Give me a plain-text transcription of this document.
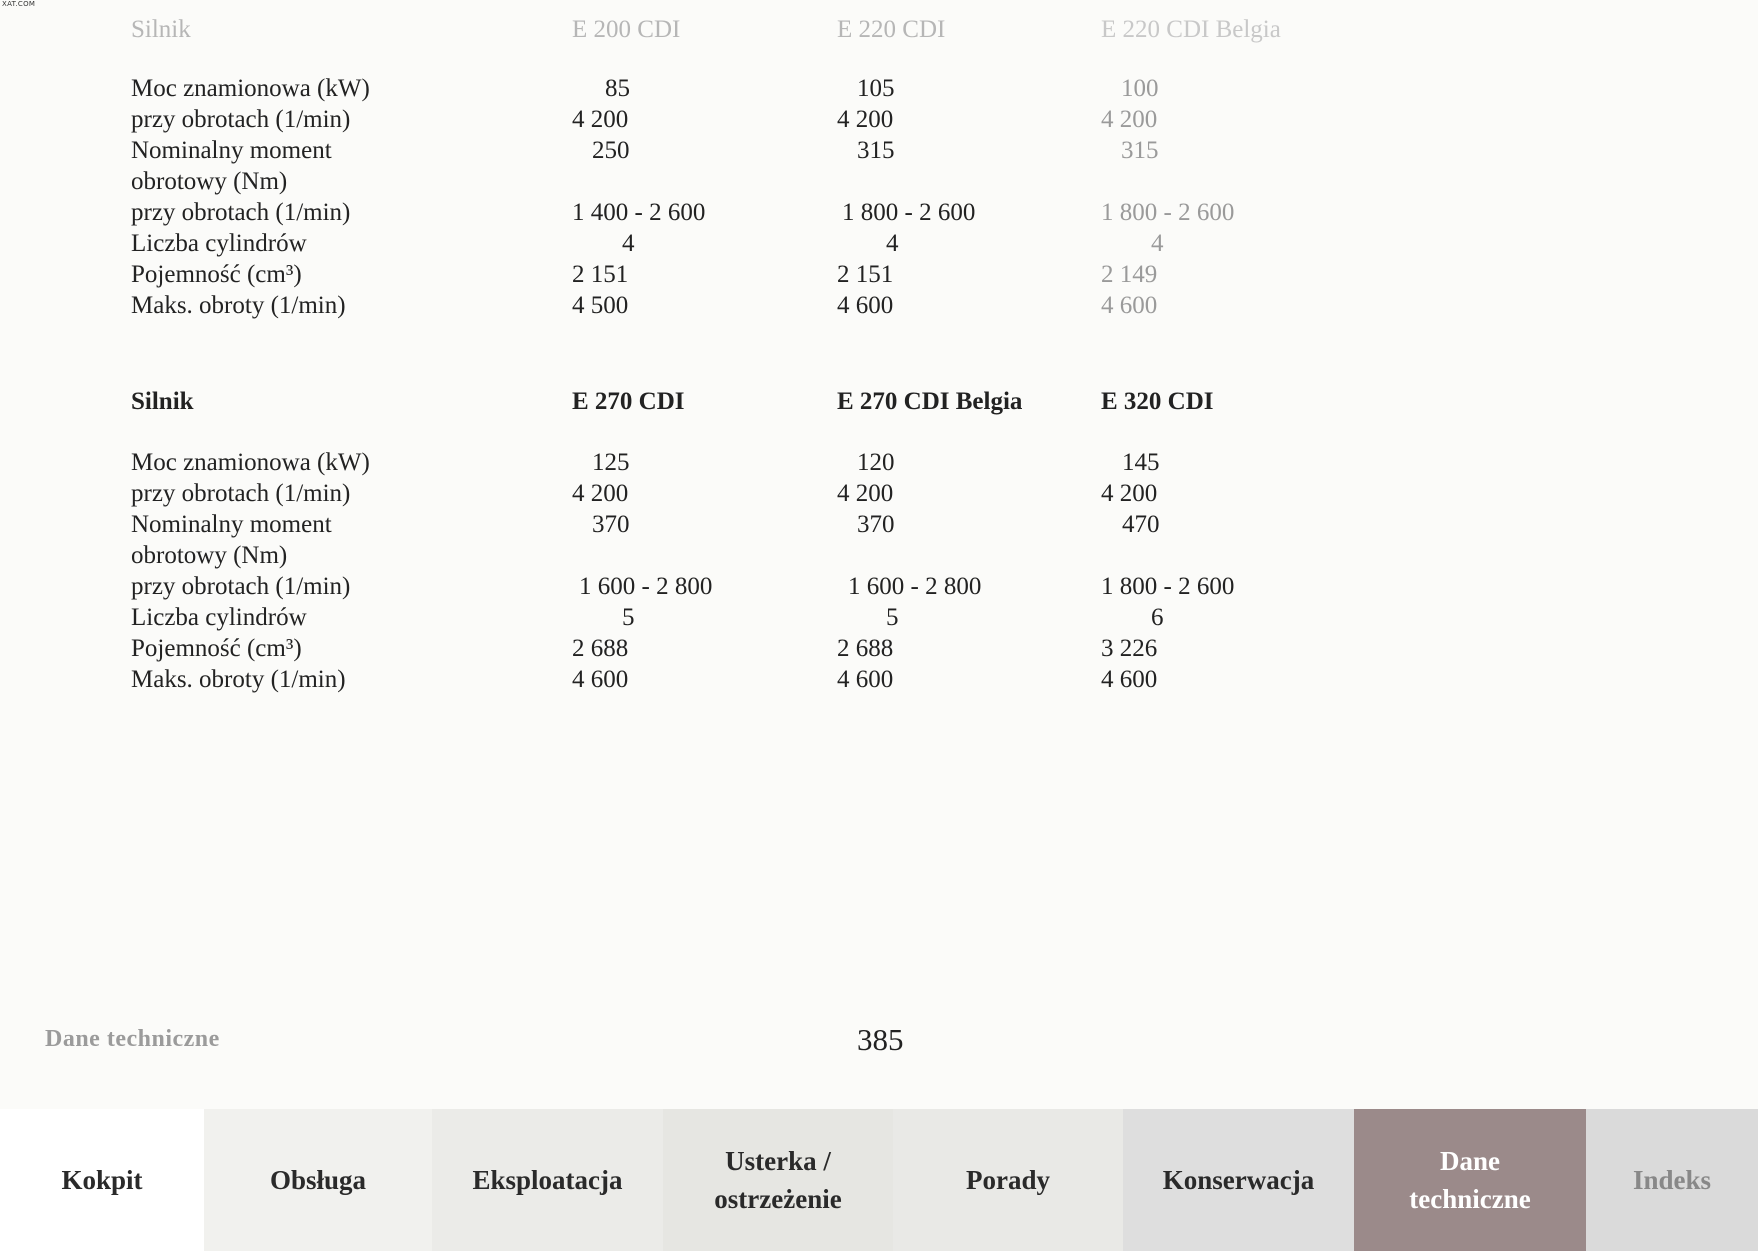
XAT.COM
Silnik	E 200 CDI	E 220 CDI	E 220 CDI Belgia
Moc znamionowa (kW)	85	105	100
przy obrotach (1/min)	4 200	4 200	4 200
Nominalny moment	250	315	315
obrotowy (Nm)
przy obrotach (1/min)	1 400 - 2 600	1 800 - 2 600	1 800 - 2 600
Liczba cylindrów	4	4	4
Pojemność (cm³)	2 151	2 151	2 149
Maks. obroty (1/min)	4 500	4 600	4 600
Silnik	E 270 CDI	E 270 CDI Belgia	E 320 CDI
Moc znamionowa (kW)	125	120	145
przy obrotach (1/min)	4 200	4 200	4 200
Nominalny moment	370	370	470
obrotowy (Nm)
przy obrotach (1/min)	1 600 - 2 800	1 600 - 2 800	1 800 - 2 600
Liczba cylindrów	5	5	6
Pojemność (cm³)	2 688	2 688	3 226
Maks. obroty (1/min)	4 600	4 600	4 600
Dane techniczne	385
Kokpit	Obsługa	Eksploatacja
Usterka / ostrzeżenie
Porady	Konserwacja
Dane techniczne
Indeks
